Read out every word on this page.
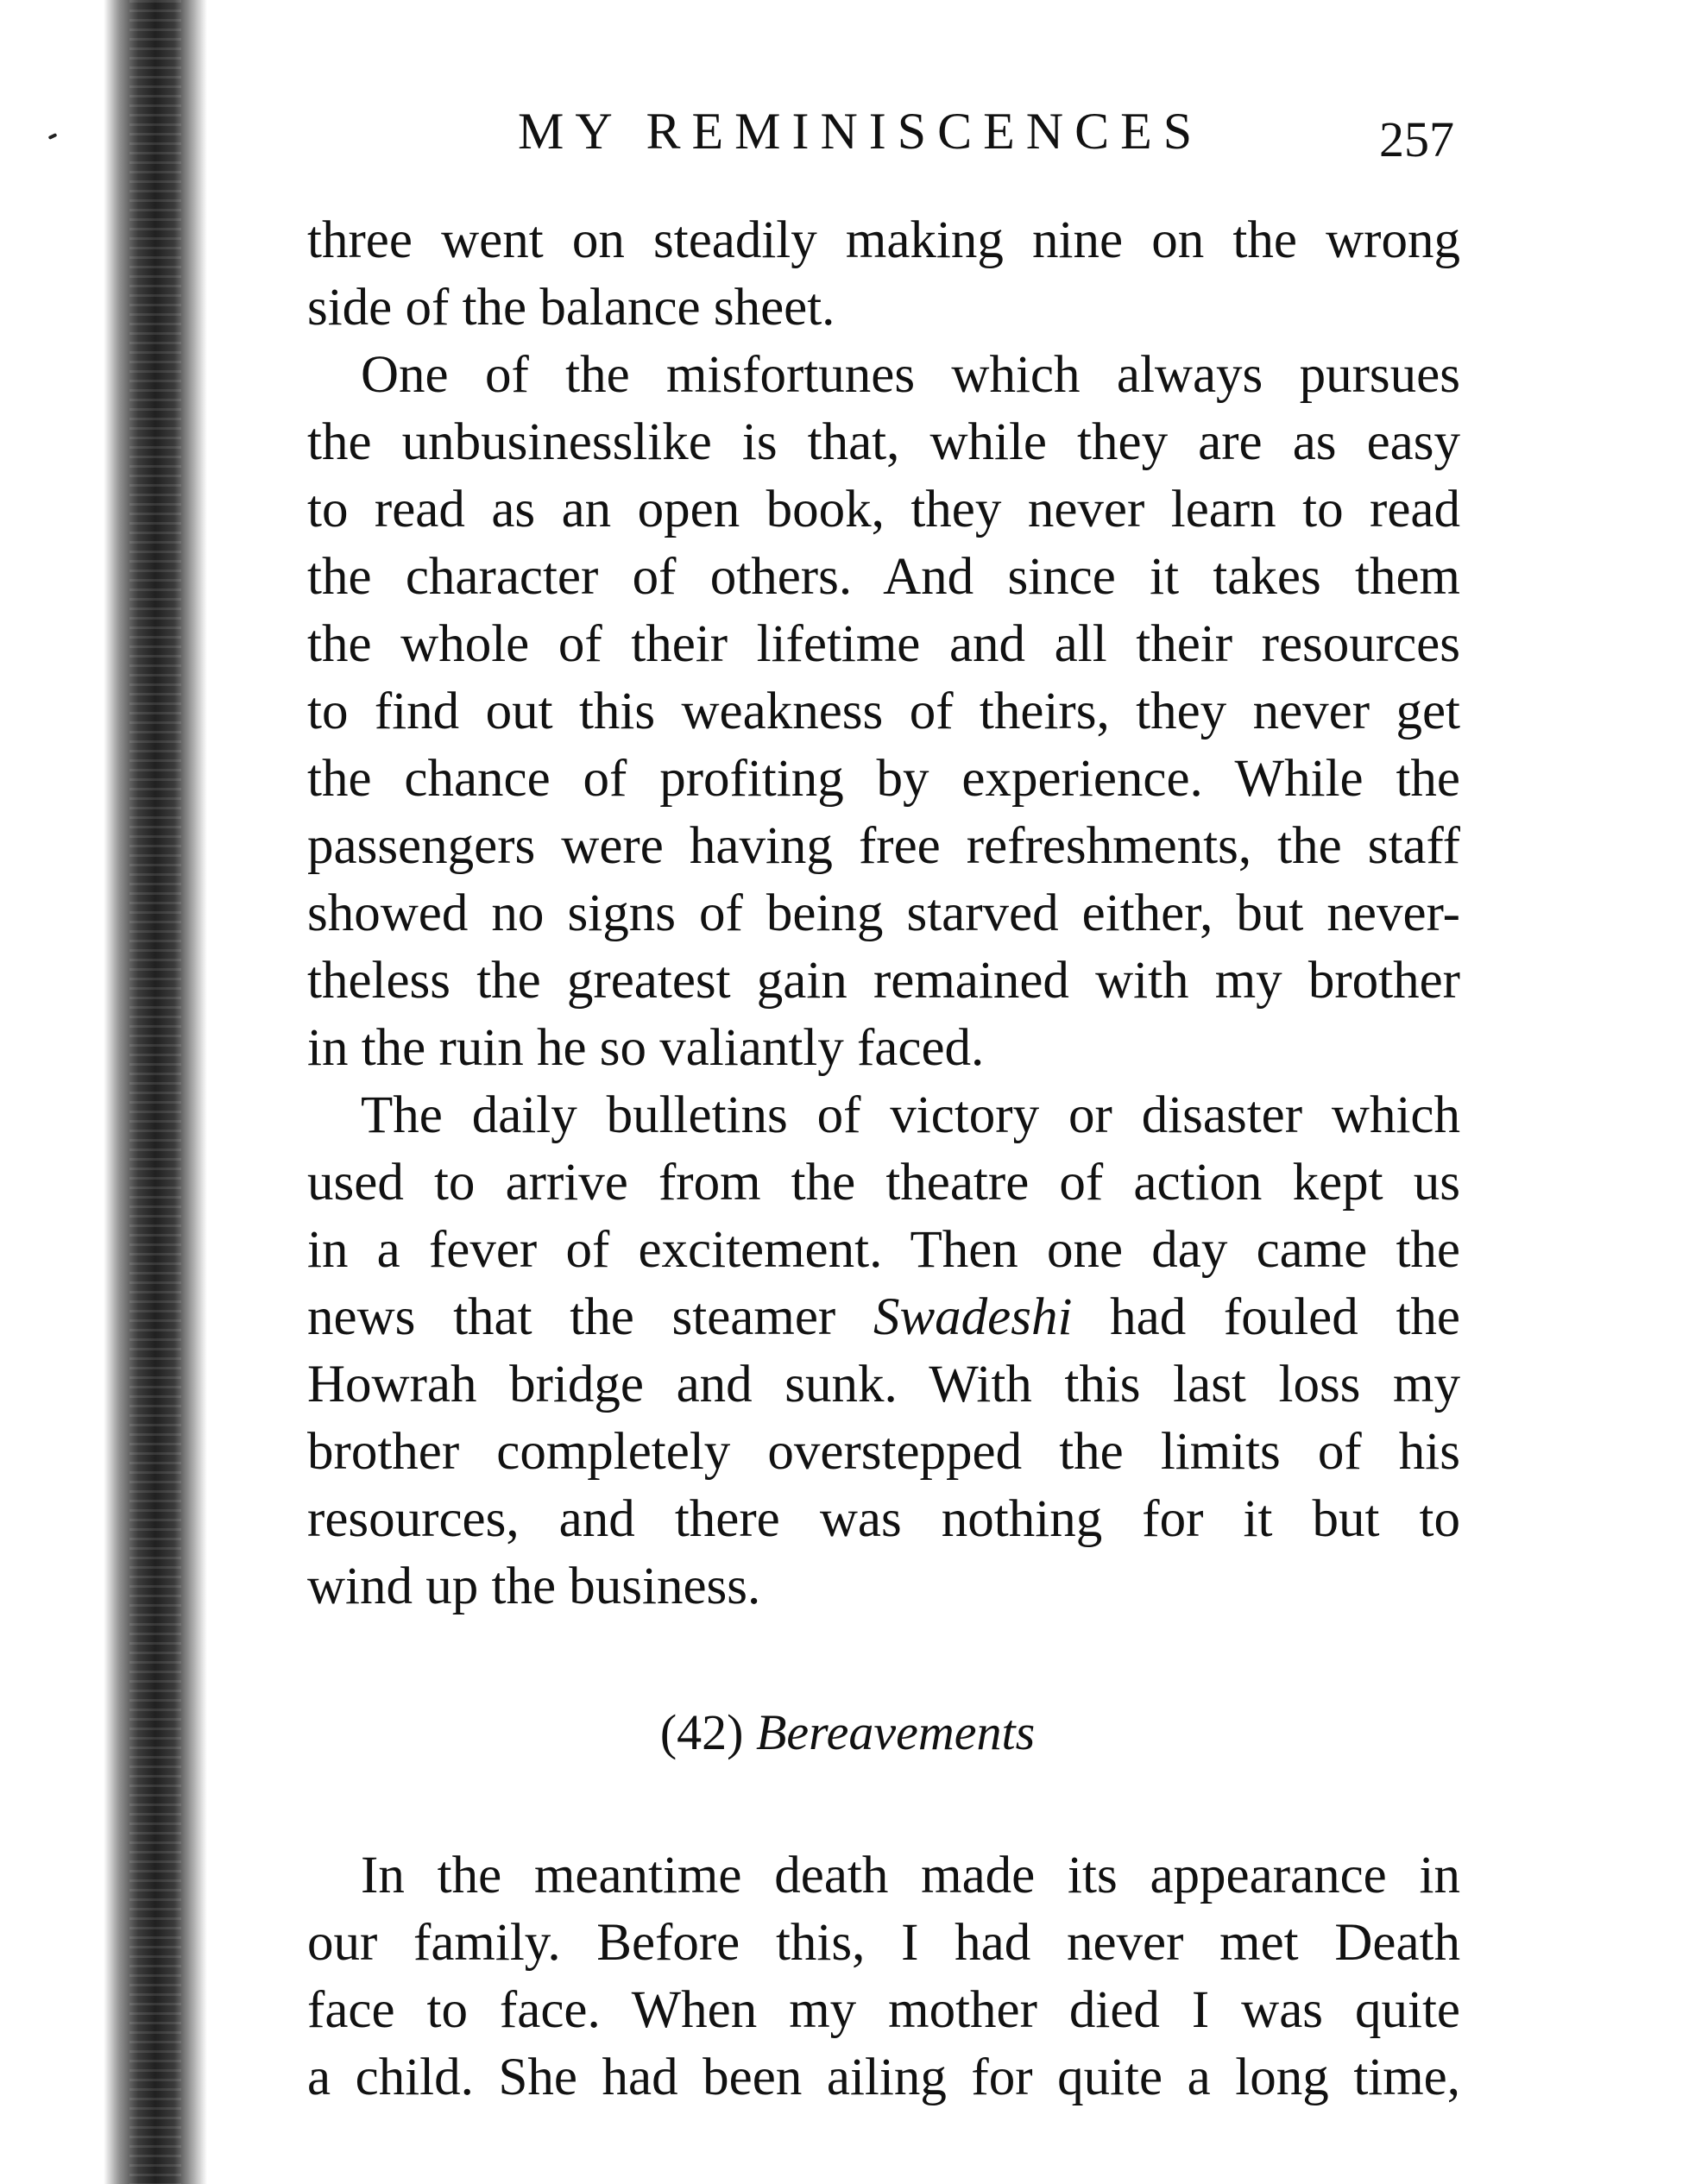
MY REMINISCENCES	257
three went on steadily making nine on the wrong
side of the balance sheet.
One of the misfortunes which always pursues
the unbusinesslike is that, while they are as easy
to read as an open book, they never learn to read
the character of others. And since it takes them
the whole of their lifetime and all their resources
to find out this weakness of theirs, they never get
the chance of profiting by experience. While the
passengers were having free refreshments, the staff
showed no signs of being starved either, but never-
theless the greatest gain remained with my brother
in the ruin he so valiantly faced.
The daily bulletins of victory or disaster which
used to arrive from the theatre of action kept us
in a fever of excitement. Then one day came the
news that the steamer Swadeshi had fouled the
Howrah bridge and sunk. With this last loss my
brother completely overstepped the limits of his
resources, and there was nothing for it but to
wind up the business.
(42) Bereavements
In the meantime death made its appearance in
our family. Before this, I had never met Death
face to face. When my mother died I was quite
a child. She had been ailing for quite a long time,
